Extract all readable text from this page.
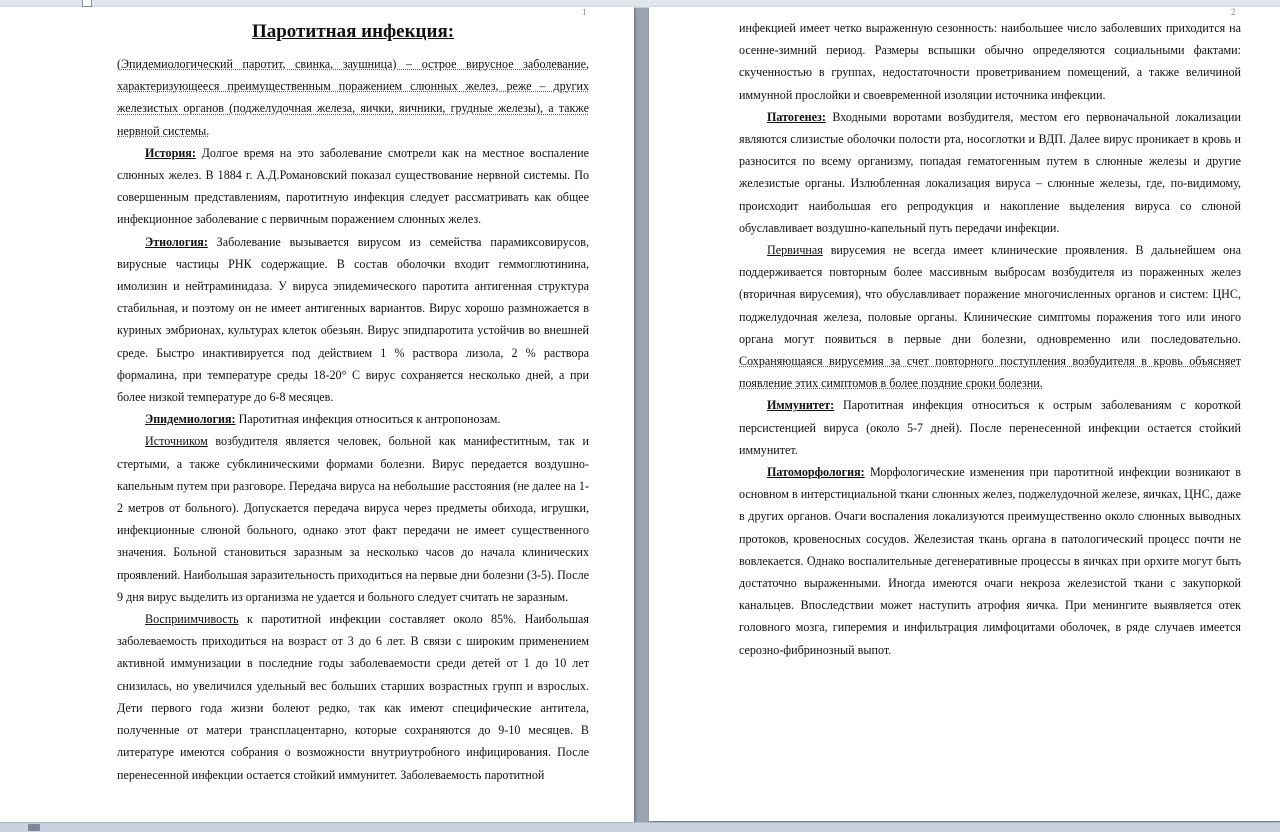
1
Паротитная инфекция:

(Эпидемиологический паротит, свинка, заушница) – острое вирусное заболевание, характеризующееся преимущественным поражением слюнных желез, реже – других железистых органов (поджелудочная железа, яички, яичники, грудные железы), а также нервной системы.

История: Долгое время на это заболевание смотрели как на местное воспаление слюнных желез. В 1884 г. А.Д.Романовский показал существование нервной системы. По совершенным представлениям, паротитную инфекция следует рассматривать как общее инфекционное заболевание с первичным поражением слюнных желез.

Этиология: Заболевание вызывается вирусом из семейства парамиксовирусов, вирусные частицы РНК содержащие. В состав оболочки входит геммоглютинина, имолизин и нейтраминидаза. У вируса эпидемического паротита антигенная структура стабильная, и поэтому он не имеет антигенных вариантов. Вирус хорошо размножается в куриных эмбрионах, культурах клеток обезьян. Вирус эпидпаротита устойчив во внешней среде. Быстро инактивируется под действием 1 % раствора лизола, 2 % раствора формалина, при температуре среды 18-20° С вирус сохраняется несколько дней, а при более низкой температуре до 6-8 месяцев.

Эпидемиология: Паротитная инфекция относиться к антропонозам.

Источником возбудителя является человек, больной как манифеститным, так и стертыми, а также субклиническими формами болезни. Вирус передается воздушно-капельным путем при разговоре. Передача вируса на небольшие расстояния (не далее на 1-2 метров от больного). Допускается передача вируса через предметы обихода, игрушки, инфекционные слюной больного, однако этот факт передачи не имеет существенного значения. Больной становиться заразным за несколько часов до начала клинических проявлений. Наибольшая заразительность приходиться на первые дни болезни (3-5). После 9 дня вирус выделить из организма не удается и больного следует считать не заразным.

Восприимчивость к паротитной инфекции составляет около 85%. Наибольшая заболеваемость приходиться на возраст от 3 до 6 лет. В связи с широким применением активной иммунизации в последние годы заболеваемости среди детей от 1 до 10 лет снизилась, но увеличился удельный вес больших старших возрастных групп и взрослых. Дети первого года жизни болеют редко, так как имеют специфические антитела, полученные от матери трансплацентарно, которые сохраняются до 9-10 месяцев. В литературе имеются собрания о возможности внутриутробного инфицирования. После перенесенной инфекции остается стойкий иммунитет. Заболеваемость паротитной

2

инфекцией имеет четко выраженную сезонность: наибольшее число заболевших приходится на осенне-зимний период. Размеры вспышки обычно определяются социальными фактами: скученностью в группах, недостаточности проветриванием помещений, а также величиной иммунной прослойки и своевременной изоляции источника инфекции.

Патогенез: Входными воротами возбудителя, местом его первоначальной локализации являются слизистые оболочки полости рта, носоглотки и ВДП. Далее вирус проникает в кровь и разносится по всему организму, попадая гематогенным путем в слюнные железы и другие железистые органы. Излюбленная локализация вируса – слюнные железы, где, по-видимому, происходит наибольшая его репродукция и накопление выделения вируса со слюной обуславливает воздушно-капельный путь передачи инфекции.

Первичная вирусемия не всегда имеет клинические проявления. В дальнейшем она поддерживается повторным более массивным выбросам возбудителя из пораженных желез (вторичная вирусемия), что обуславливает поражение многочисленных органов и систем: ЦНС, поджелудочная железа, половые органы. Клинические симптомы поражения того или иного органа могут появиться в первые дни болезни, одновременно или последовательно. Сохраняющаяся вирусемия за счет повторного поступления возбудителя в кровь объясняет появление этих симптомов в более поздние сроки болезни.

Иммунитет: Паротитная инфекция относиться к острым заболеваниям с короткой персистенцией вируса (около 5-7 дней). После перенесенной инфекции остается стойкий иммунитет.

Патоморфология: Морфологические изменения при паротитной инфекции возникают в основном в интерстициальной ткани слюнных желез, поджелудочной железе, яичках, ЦНС, даже в других органов. Очаги воспаления локализуются преимущественно около слюнных выводных протоков, кровеносных сосудов. Железистая ткань органа в патологический процесс почти не вовлекается. Однако воспалительные дегенеративные процессы в яичках при орхите могут быть достаточно выраженными. Иногда имеются очаги некроза железистой ткани с закупоркой канальцев. Впоследствии может наступить атрофия яичка. При менингите выявляется отек головного мозга, гиперемия и инфильтрация лимфоцитами оболочек, в ряде случаев имеется серозно-фибринозный выпот.
